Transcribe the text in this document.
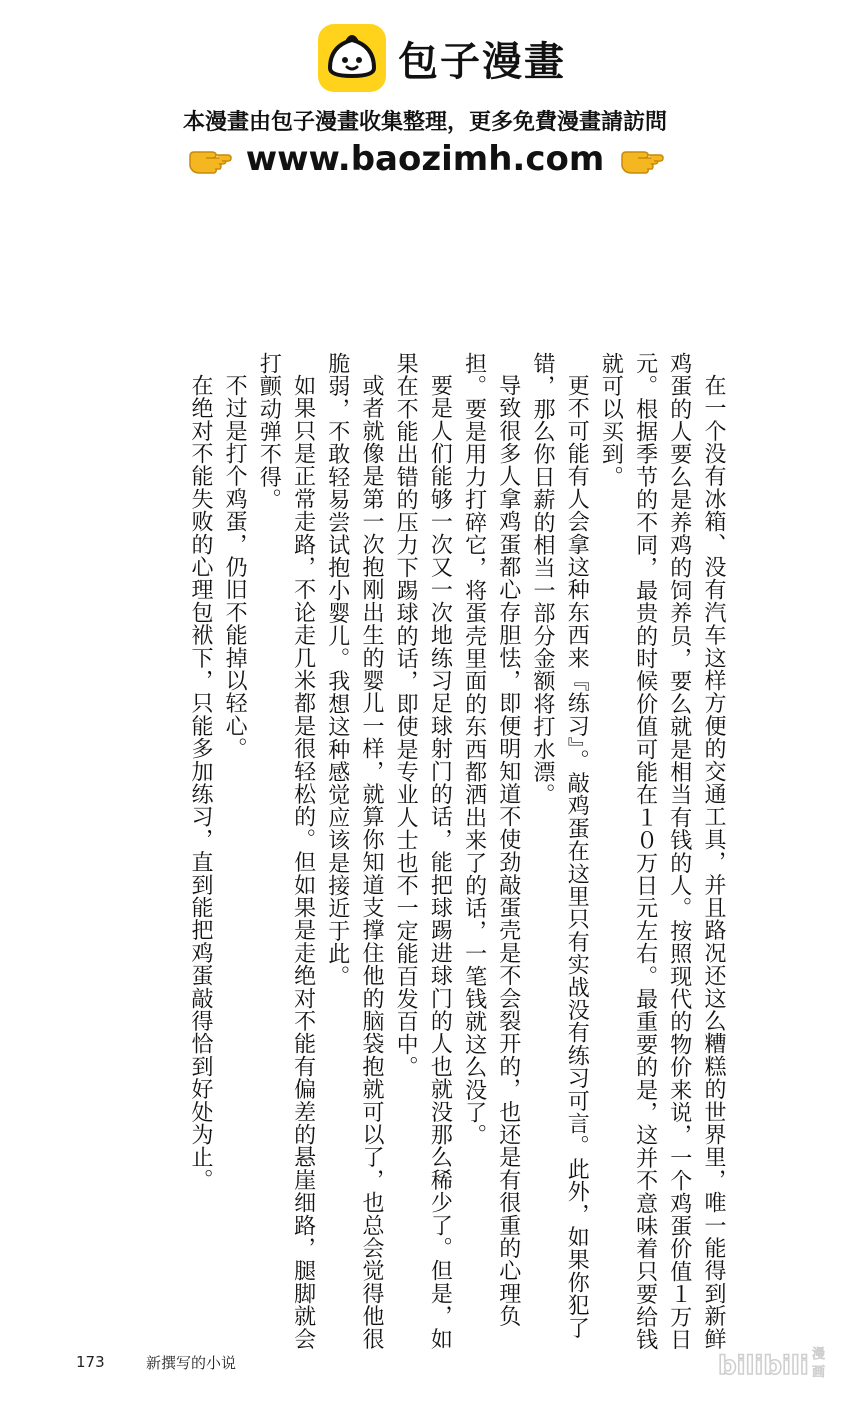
包子漫畫
本漫畫由包子漫畫收集整理，更多免費漫畫請訪問
www.baozimh.com

在一个没有冰箱、没有汽车这样方便的交通工具，并且路况还这么糟糕的世界里，唯一能得到新鲜鸡蛋的人要么是养鸡的饲养员，要么就是相当有钱的人。按照现代的物价来说，一个鸡蛋价值１万日元。根据季节的不同，最贵的时候价值可能在１０万日元左右。最重要的是，这并不意味着只要给钱就可以买到。

更不可能有人会拿这种东西来『练习』。敲鸡蛋在这里只有实战没有练习可言。此外，如果你犯了错，那么你日薪的相当一部分金额将打水漂。

导致很多人拿鸡蛋都心存胆怯，即便明知道不使劲敲蛋壳是不会裂开的，也还是有很重的心理负担。要是用力打碎它，将蛋壳里面的东西都洒出来了的话，一笔钱就这么没了。

要是人们能够一次又一次地练习足球射门的话，能把球踢进球门的人也就没那么稀少了。但是，如果在不能出错的压力下踢球的话，即使是专业人士也不一定能百发百中。

或者就像是第一次抱刚出生的婴儿一样，就算你知道支撑住他的脑袋抱就可以了，也总会觉得他很脆弱，不敢轻易尝试抱小婴儿。我想这种感觉应该是接近于此。

如果只是正常走路，不论走几米都是很轻松的。但如果是走绝对不能有偏差的悬崖细路，腿脚就会打颤动弹不得。

不过是打个鸡蛋，仍旧不能掉以轻心。

在绝对不能失败的心理包袱下，只能多加练习，直到能把鸡蛋敲得恰到好处为止。

173	新撰写的小说	bilibili 漫
画
